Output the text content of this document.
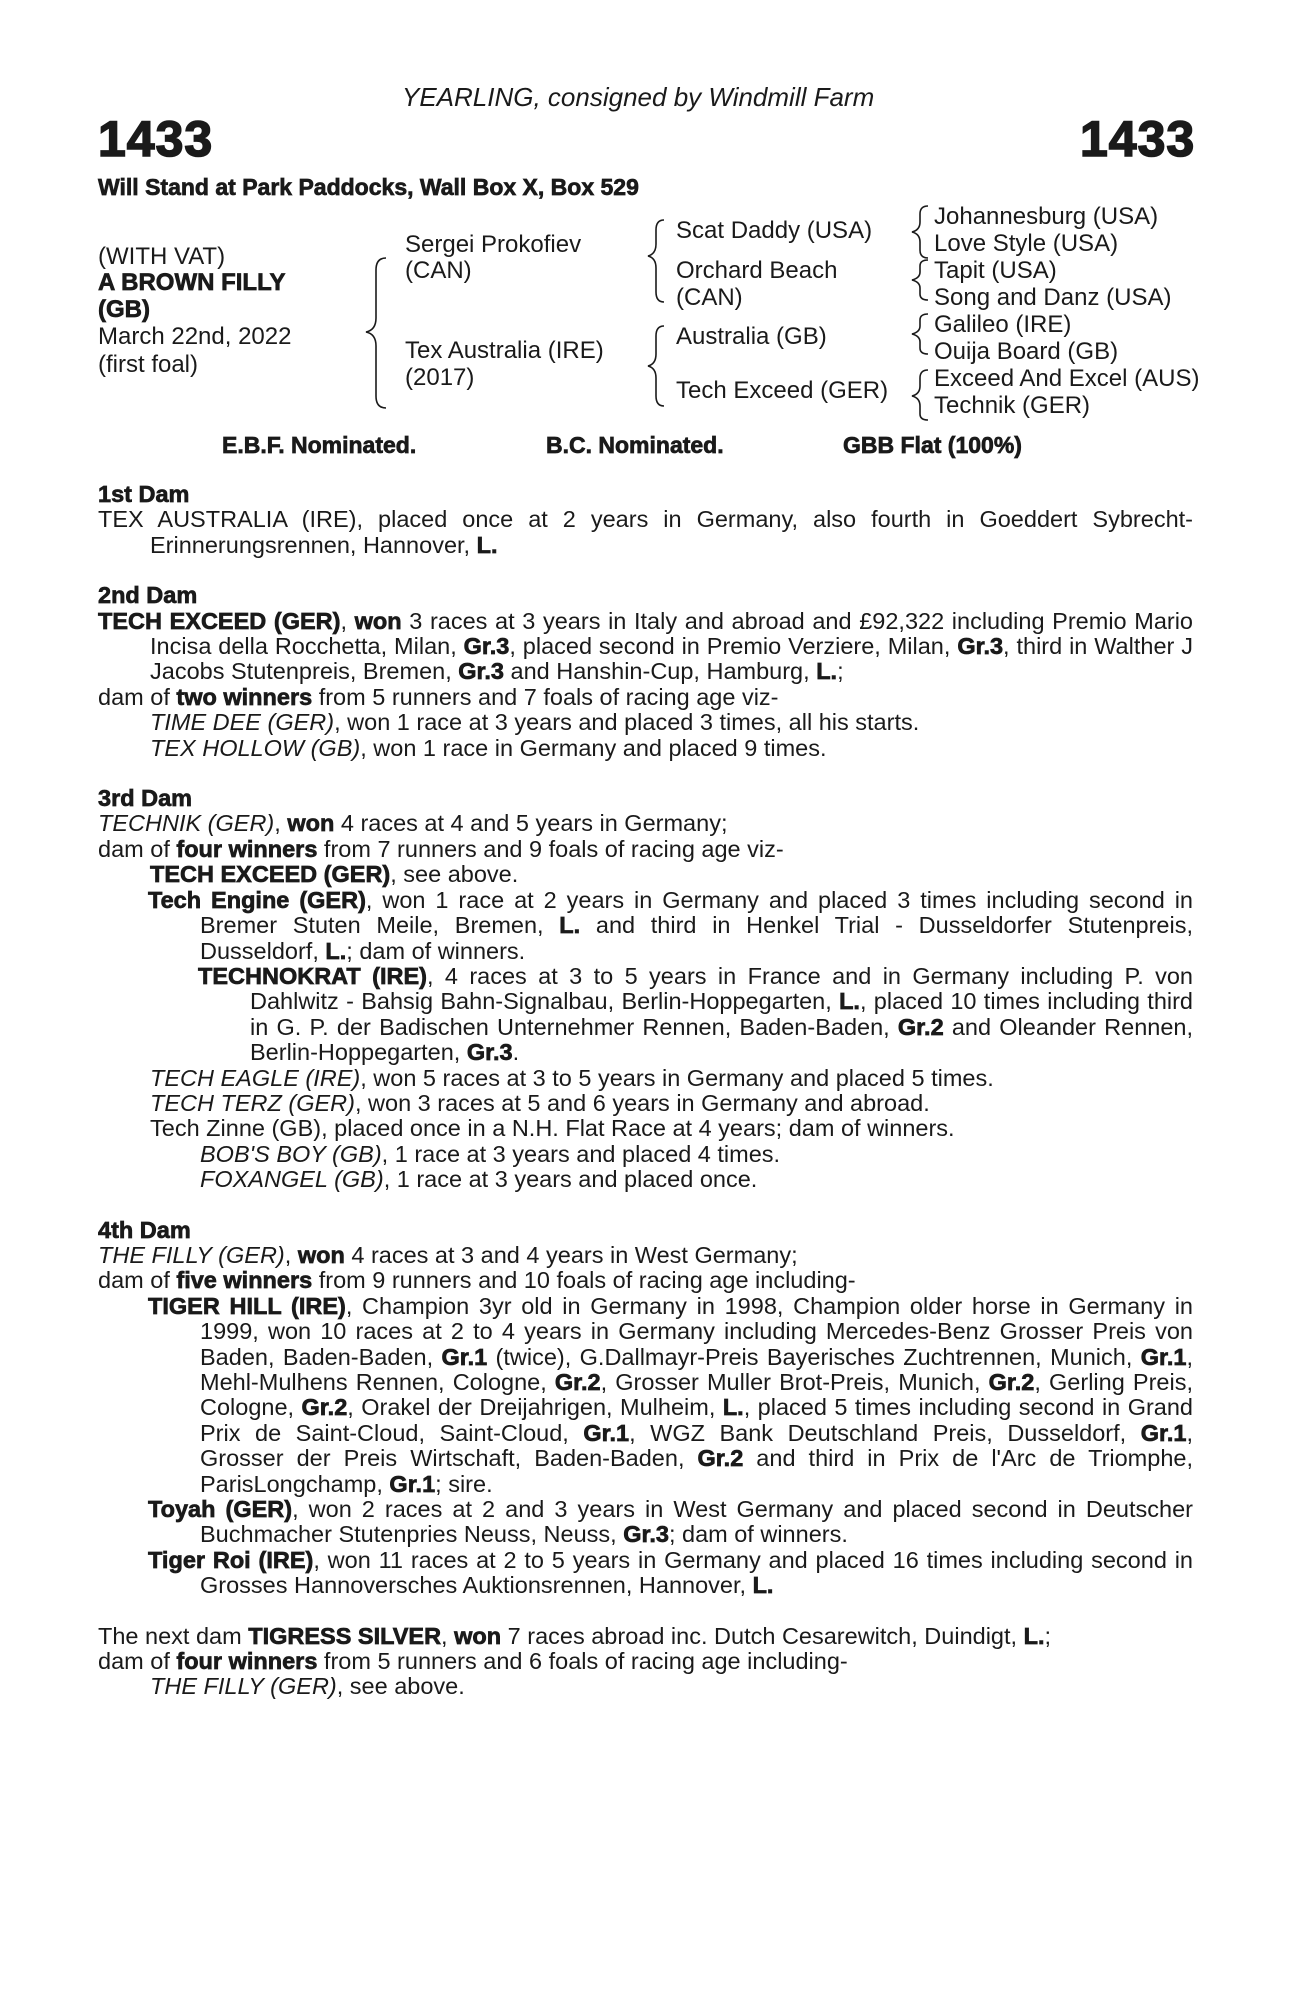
YEARLING, consigned by Windmill Farm
1433	1433
Will Stand at Park Paddocks, Wall Box X, Box 529
(WITH VAT)
A BROWN FILLY
(GB)
March 22nd, 2022
(first foal)
Sergei Prokofiev
(CAN)
Tex Australia (IRE)
(2017)
Scat Daddy (USA)
Orchard Beach
(CAN)
Australia (GB)
Tech Exceed (GER)
Johannesburg (USA)
Love Style (USA)
Tapit (USA)
Song and Danz (USA)
Galileo (IRE)
Ouija Board (GB)
Exceed And Excel (AUS)
Technik (GER)
E.B.F. Nominated.	B.C. Nominated.	GBB Flat (100%)

1st Dam

TEX AUSTRALIA (IRE), placed once at 2 years in Germany, also fourth in Goeddert Sybrecht-Erinnerungsrennen, Hannover, L.

2nd Dam

TECH EXCEED (GER), won 3 races at 3 years in Italy and abroad and £92,322 including Premio Mario Incisa della Rocchetta, Milan, Gr.3, placed second in Premio Verziere, Milan, Gr.3, third in Walther J Jacobs Stutenpreis, Bremen, Gr.3 and Hanshin-Cup, Hamburg, L.;

dam of two winners from 5 runners and 7 foals of racing age viz-

TIME DEE (GER), won 1 race at 3 years and placed 3 times, all his starts.

TEX HOLLOW (GB), won 1 race in Germany and placed 9 times.

3rd Dam

TECHNIK (GER), won 4 races at 4 and 5 years in Germany;

dam of four winners from 7 runners and 9 foals of racing age viz-

TECH EXCEED (GER), see above.

Tech Engine (GER), won 1 race at 2 years in Germany and placed 3 times including second in Bremer Stuten Meile, Bremen, L. and third in Henkel Trial - Dusseldorfer Stutenpreis, Dusseldorf, L.; dam of winners.

TECHNOKRAT (IRE), 4 races at 3 to 5 years in France and in Germany including P. von Dahlwitz - Bahsig Bahn-Signalbau, Berlin-Hoppegarten, L., placed 10 times including third in G. P. der Badischen Unternehmer Rennen, Baden-Baden, Gr.2 and Oleander Rennen, Berlin-Hoppegarten, Gr.3.

TECH EAGLE (IRE), won 5 races at 3 to 5 years in Germany and placed 5 times.

TECH TERZ (GER), won 3 races at 5 and 6 years in Germany and abroad.

Tech Zinne (GB), placed once in a N.H. Flat Race at 4 years; dam of winners.

BOB'S BOY (GB), 1 race at 3 years and placed 4 times.

FOXANGEL (GB), 1 race at 3 years and placed once.

4th Dam

THE FILLY (GER), won 4 races at 3 and 4 years in West Germany;

dam of five winners from 9 runners and 10 foals of racing age including-

TIGER HILL (IRE), Champion 3yr old in Germany in 1998, Champion older horse in Germany in 1999, won 10 races at 2 to 4 years in Germany including Mercedes-Benz Grosser Preis von Baden, Baden-Baden, Gr.1 (twice), G.Dallmayr-Preis Bayerisches Zuchtrennen, Munich, Gr.1, Mehl-Mulhens Rennen, Cologne, Gr.2, Grosser Muller Brot-Preis, Munich, Gr.2, Gerling Preis, Cologne, Gr.2, Orakel der Dreijahrigen, Mulheim, L., placed 5 times including second in Grand Prix de Saint-Cloud, Saint-Cloud, Gr.1, WGZ Bank Deutschland Preis, Dusseldorf, Gr.1, Grosser der Preis Wirtschaft, Baden-Baden, Gr.2 and third in Prix de l'Arc de Triomphe, ParisLongchamp, Gr.1; sire.

Toyah (GER), won 2 races at 2 and 3 years in West Germany and placed second in Deutscher Buchmacher Stutenpries Neuss, Neuss, Gr.3; dam of winners.

Tiger Roi (IRE), won 11 races at 2 to 5 years in Germany and placed 16 times including second in Grosses Hannoversches Auktionsrennen, Hannover, L.

The next dam TIGRESS SILVER, won 7 races abroad inc. Dutch Cesarewitch, Duindigt, L.;

dam of four winners from 5 runners and 6 foals of racing age including-

THE FILLY (GER), see above.
